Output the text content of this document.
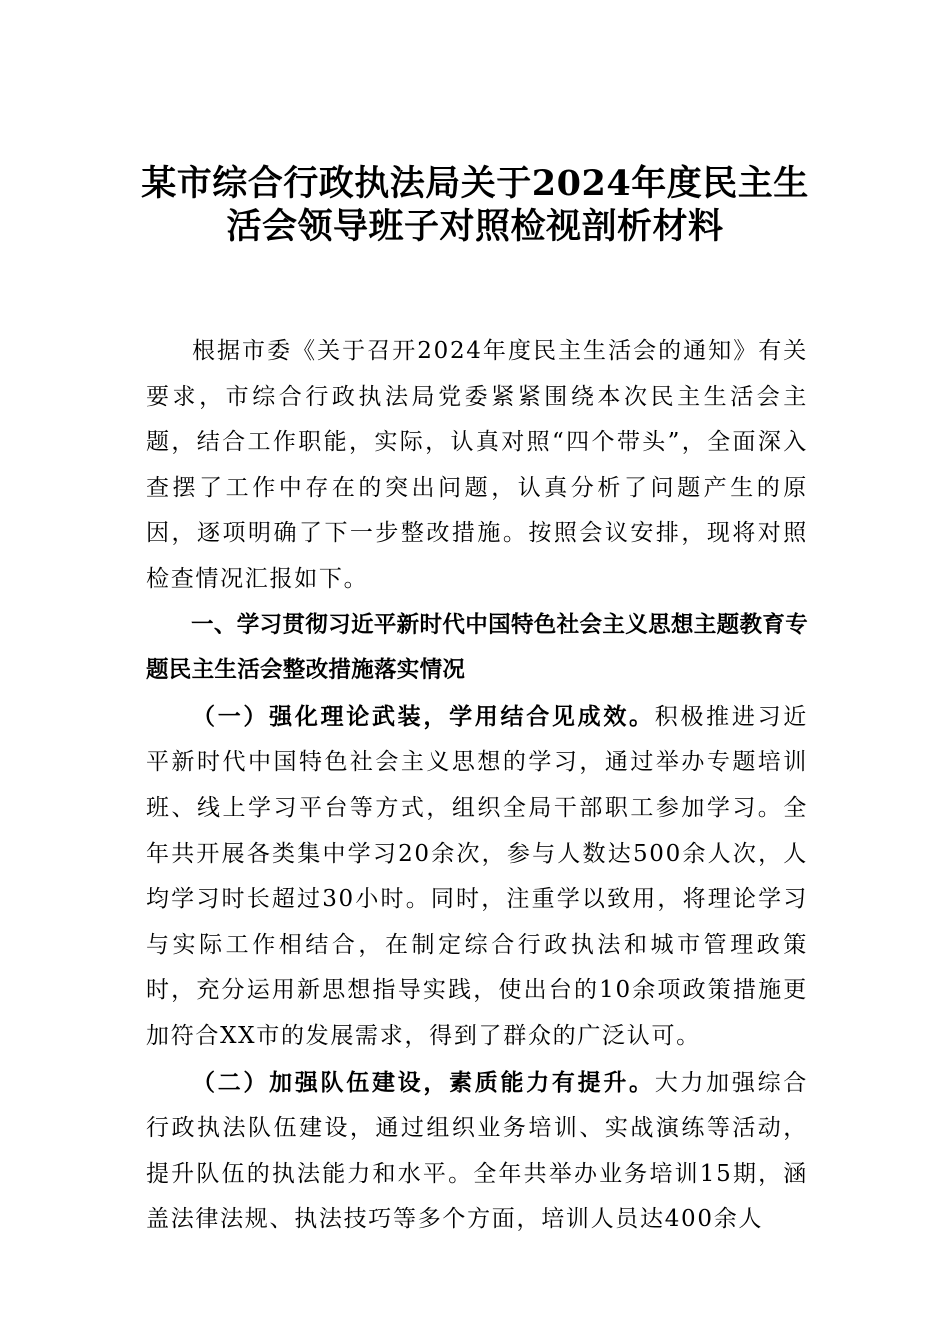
某市综合行政执法局关于2024年度民主生
活会领导班子对照检视剖析材料

根据市委《关于召开2024年度民主生活会的通知》有关要求，市综合行政执法局党委紧紧围绕本次民主生活会主题，结合工作职能，实际，认真对照“四个带头”，全面深入查摆了工作中存在的突出问题，认真分析了问题产生的原因，逐项明确了下一步整改措施。按照会议安排，现将对照检查情况汇报如下。

一、学习贯彻习近平新时代中国特色社会主义思想主题教育专题民主生活会整改措施落实情况

（一）强化理论武装，学用结合见成效。积极推进习近平新时代中国特色社会主义思想的学习，通过举办专题培训班、线上学习平台等方式，组织全局干部职工参加学习。全年共开展各类集中学习20余次，参与人数达500余人次，人均学习时长超过30小时。同时，注重学以致用，将理论学习与实际工作相结合，在制定综合行政执法和城市管理政策时，充分运用新思想指导实践，使出台的10余项政策措施更加符合XX市的发展需求，得到了群众的广泛认可。

（二）加强队伍建设，素质能力有提升。大力加强综合行政执法队伍建设，通过组织业务培训、实战演练等活动，提升队伍的执法能力和水平。全年共举办业务培训15期，涵盖法律法规、执法技巧等多个方面，培训人员达400余人
